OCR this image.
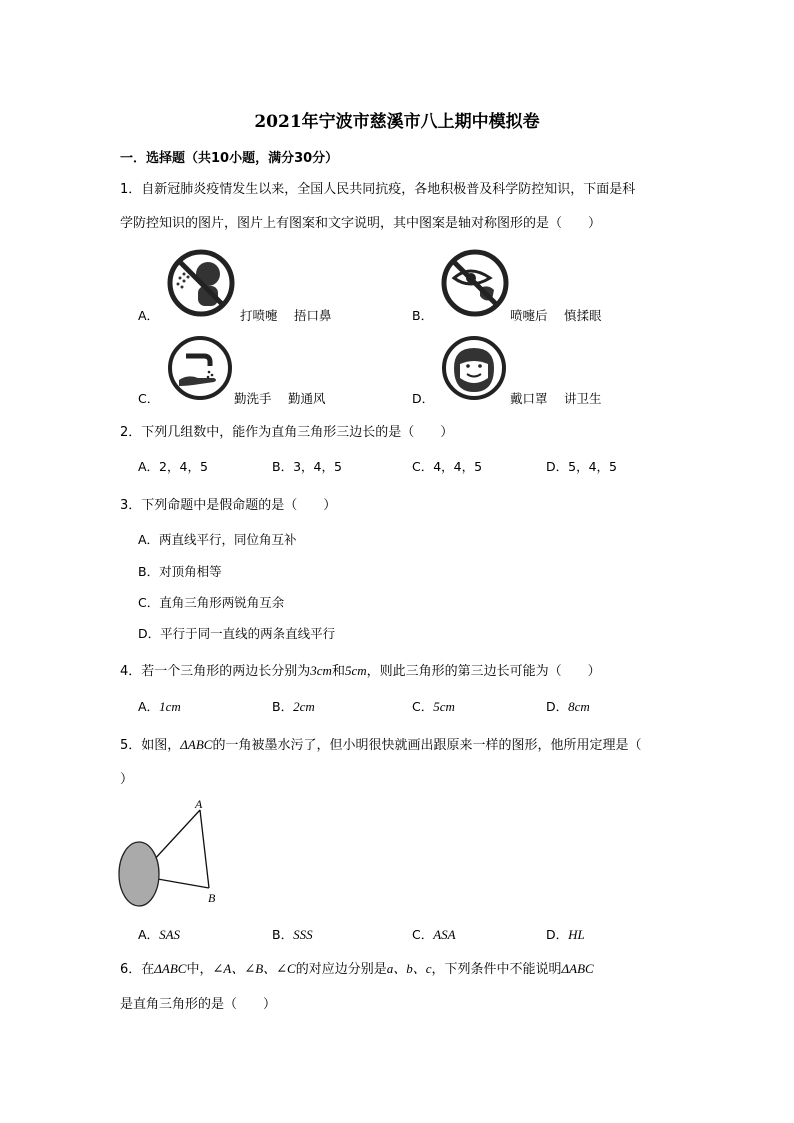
2021年宁波市慈溪市八上期中模拟卷
一．选择题（共10小题，满分30分）
1．自新冠肺炎疫情发生以来，全国人民共同抗疫，各地积极普及科学防控知识，下面是科
学防控知识的图片，图片上有图案和文字说明，其中图案是轴对称图形的是（　　）
A．	打喷嚏　 捂口鼻	B．	喷嚏后　 慎揉眼
C．	勤洗手　 勤通风	D．	戴口罩　 讲卫生
2．下列几组数中，能作为直角三角形三边长的是（　　）
A．2，4，5	B．3，4，5	C．4，4，5	D．5，4，5
3．下列命题中是假命题的是（　　）
A．两直线平行，同位角互补
B．对顶角相等
C．直角三角形两锐角互余
D．平行于同一直线的两条直线平行
4．若一个三角形的两边长分别为3cm和5cm，则此三角形的第三边长可能为（　　）
A．1cm	B．2cm	C．5cm	D．8cm
5．如图，ΔABC的一角被墨水污了，但小明很快就画出跟原来一样的图形，他所用定理是（
）
A
B
A．SAS	B．SSS	C．ASA	D．HL
6．在ΔABC中，∠A、∠B、∠C的对应边分别是a、b、c，下列条件中不能说明ΔABC
是直角三角形的是（　　）
